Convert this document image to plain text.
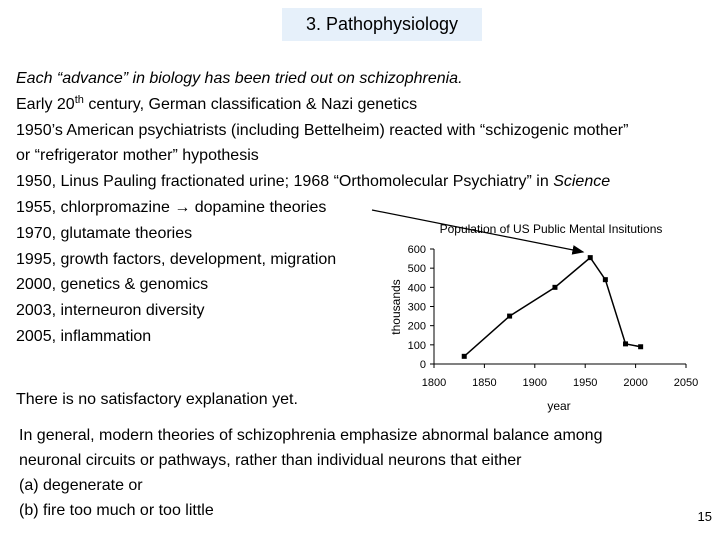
3. Pathophysiology
Each “advance” in biology has been tried out on schizophrenia.
Early 20th century, German classification & Nazi genetics
1950’s American psychiatrists (including Bettelheim) reacted with “schizogenic mother”
or “refrigerator mother” hypothesis
1950, Linus Pauling fractionated urine; 1968 “Orthomolecular Psychiatry” in Science
1955, chlorpromazine → dopamine theories
1970, glutamate theories
1995, growth factors, development, migration
2000, genetics & genomics
2003, interneuron diversity
2005, inflammation
There is no satisfactory explanation yet.
In general, modern theories of schizophrenia emphasize abnormal balance among
neuronal circuits or pathways, rather than individual neurons that either
(a) degenerate or
(b) fire too much or too little	15
Population of US Public Mental Insitutions
thousands
year
0
100
200
300
400
500
600
1800 1850 1900 1950 2000 2050
